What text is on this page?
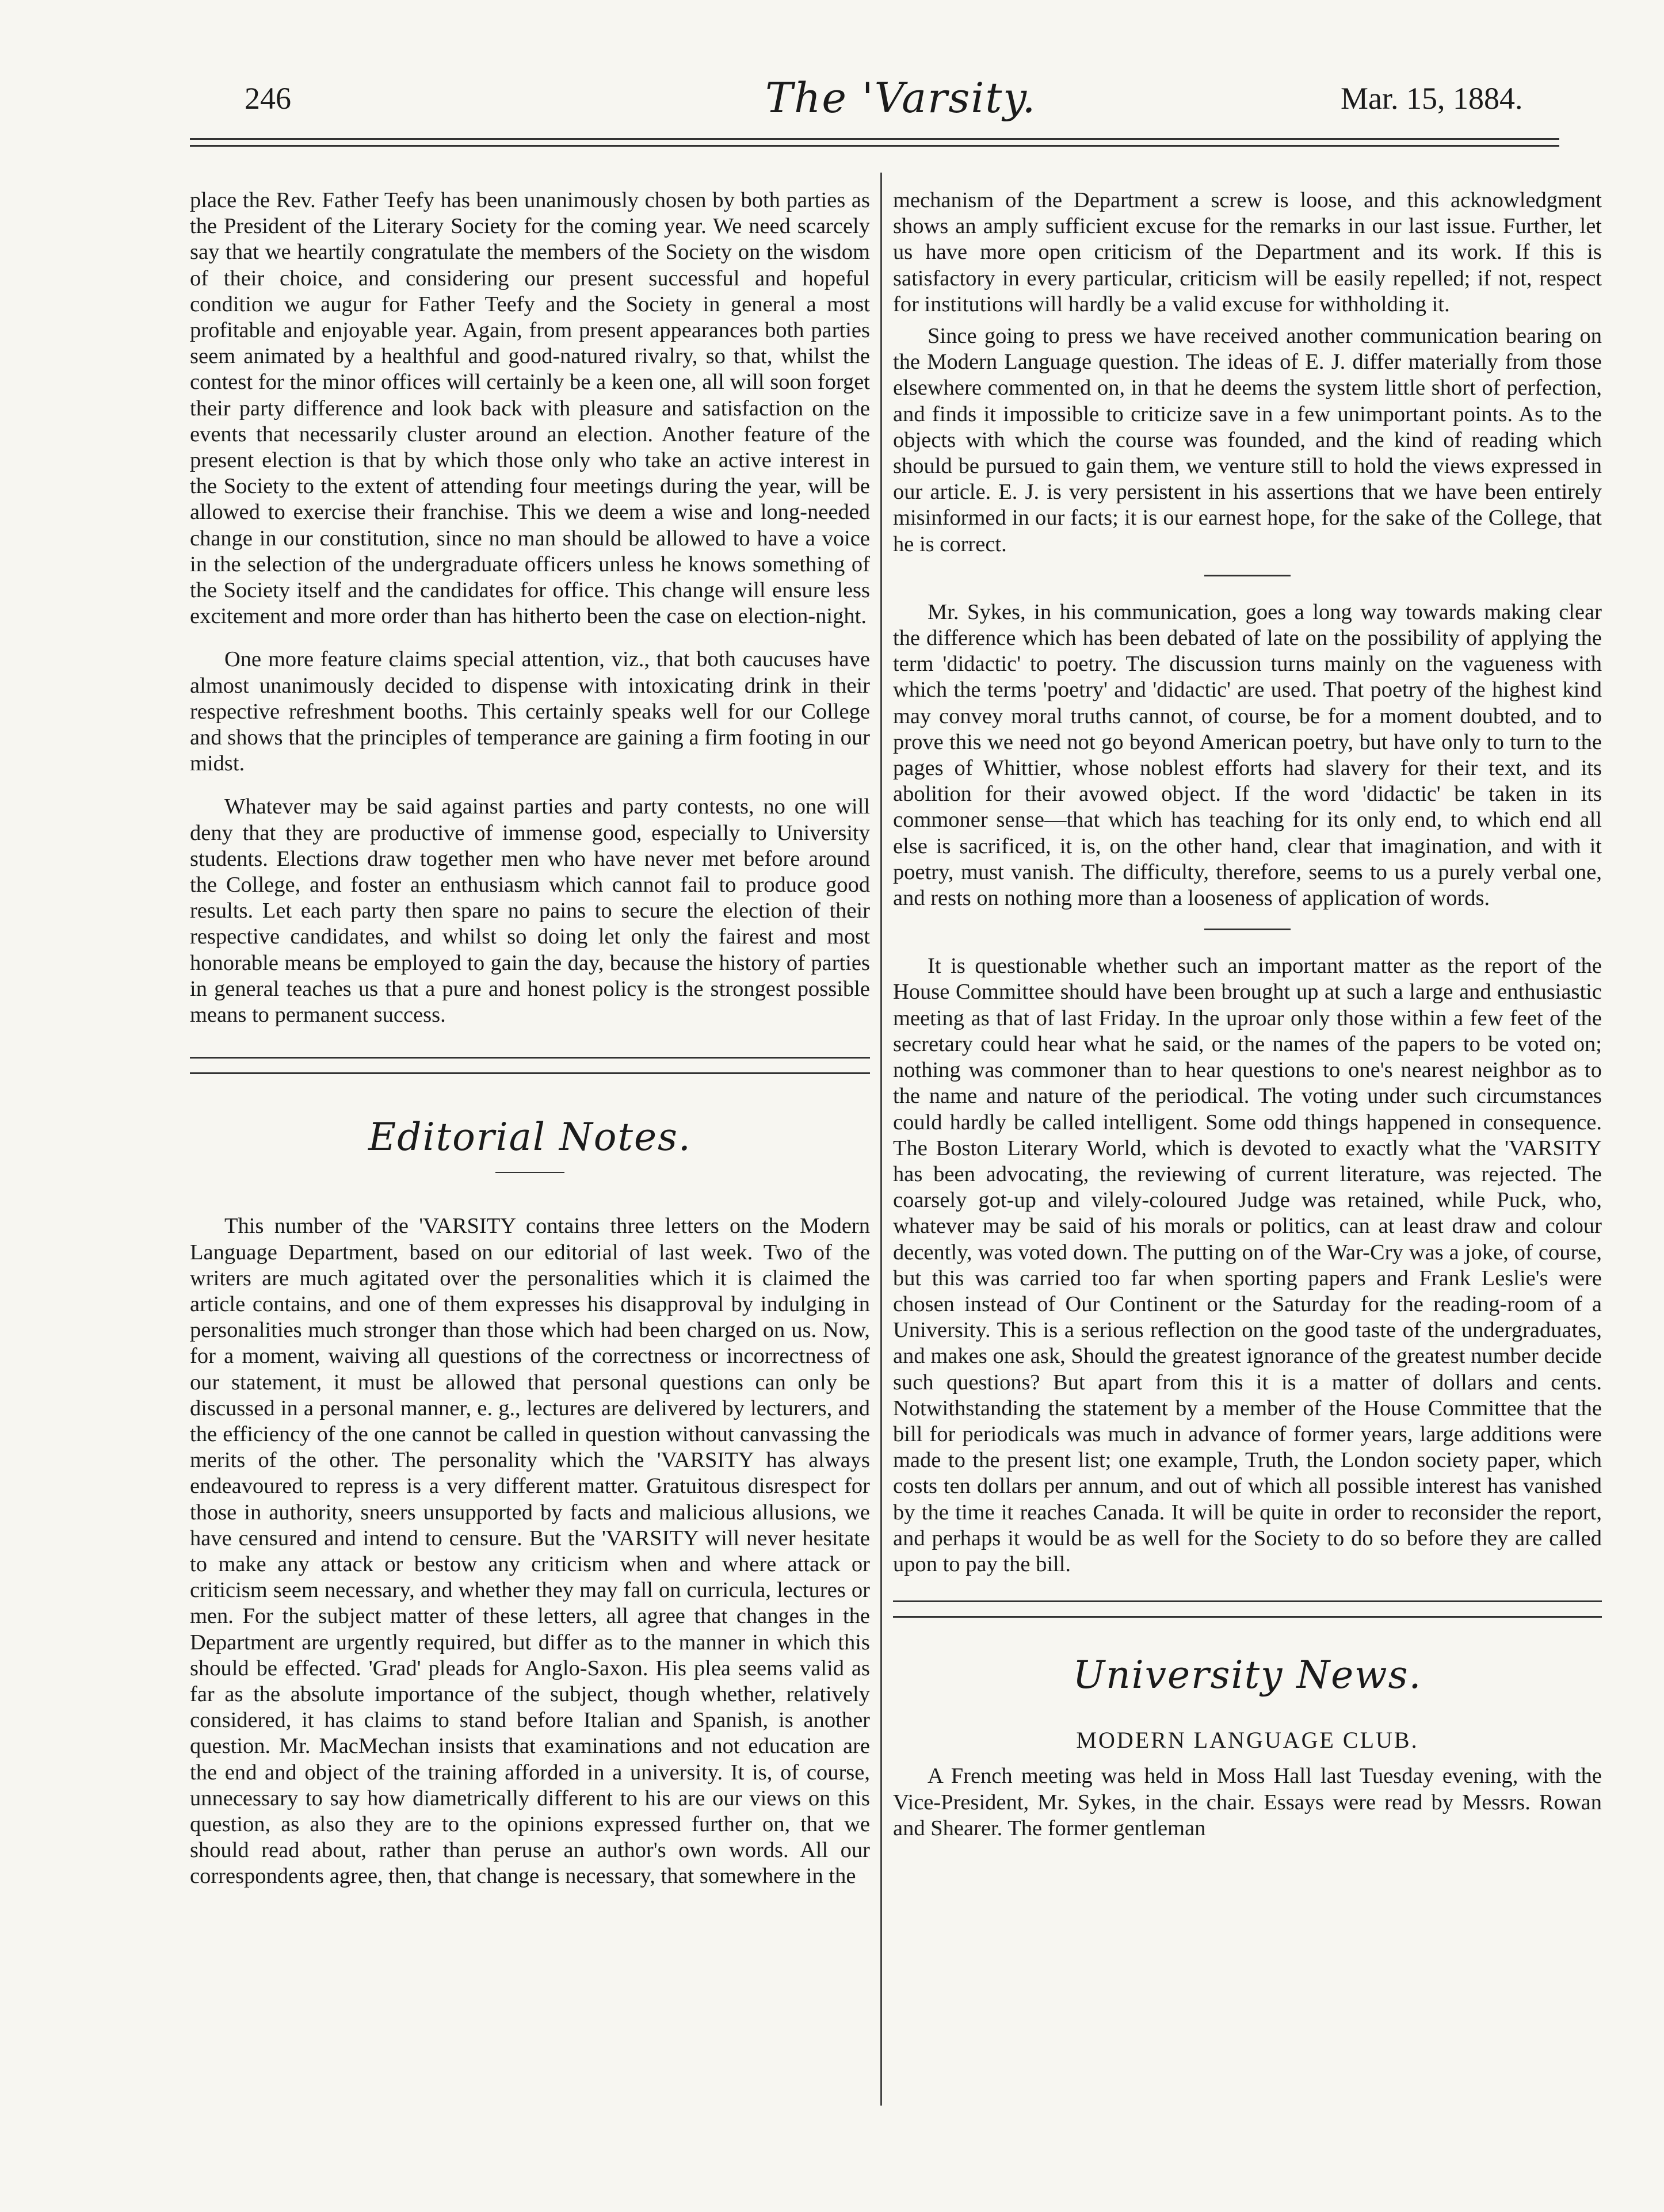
246	The 'Varsity.	Mar. 15, 1884.

place the Rev. Father Teefy has been unanimously chosen by both parties as the President of the Literary Society for the coming year. We need scarcely say that we heartily congratulate the members of the Society on the wisdom of their choice, and considering our present successful and hopeful condition we augur for Father Teefy and the Society in general a most profitable and enjoyable year. Again, from present appearances both parties seem animated by a healthful and good-natured rivalry, so that, whilst the contest for the minor offices will certainly be a keen one, all will soon forget their party difference and look back with pleasure and satisfaction on the events that necessarily cluster around an election. Another feature of the present election is that by which those only who take an active interest in the Society to the extent of attending four meetings during the year, will be allowed to exercise their franchise. This we deem a wise and long-needed change in our constitution, since no man should be allowed to have a voice in the selection of the undergraduate officers unless he knows something of the Society itself and the candidates for office. This change will ensure less excitement and more order than has hitherto been the case on election-night.

One more feature claims special attention, viz., that both caucuses have almost unanimously decided to dispense with intoxicating drink in their respective refreshment booths. This certainly speaks well for our College and shows that the principles of temperance are gaining a firm footing in our midst.

Whatever may be said against parties and party contests, no one will deny that they are productive of immense good, especially to University students. Elections draw together men who have never met before around the College, and foster an enthusiasm which cannot fail to produce good results. Let each party then spare no pains to secure the election of their respective candidates, and whilst so doing let only the fairest and most honorable means be employed to gain the day, because the history of parties in general teaches us that a pure and honest policy is the strongest possible means to permanent success.

Editorial Notes.

This number of the 'VARSITY contains three letters on the Modern Language Department, based on our editorial of last week. Two of the writers are much agitated over the personalities which it is claimed the article contains, and one of them expresses his disapproval by indulging in personalities much stronger than those which had been charged on us. Now, for a moment, waiving all questions of the correctness or incorrectness of our statement, it must be allowed that personal questions can only be discussed in a personal manner, e. g., lectures are delivered by lecturers, and the efficiency of the one cannot be called in question without canvassing the merits of the other. The personality which the 'VARSITY has always endeavoured to repress is a very different matter. Gratuitous disrespect for those in authority, sneers unsupported by facts and malicious allusions, we have censured and intend to censure. But the 'VARSITY will never hesitate to make any attack or bestow any criticism when and where attack or criticism seem necessary, and whether they may fall on curricula, lectures or men. For the subject matter of these letters, all agree that changes in the Department are urgently required, but differ as to the manner in which this should be effected. 'Grad' pleads for Anglo-Saxon. His plea seems valid as far as the absolute importance of the subject, though whether, relatively considered, it has claims to stand before Italian and Spanish, is another question. Mr. MacMechan insists that examinations and not education are the end and object of the training afforded in a university. It is, of course, unnecessary to say how diametrically different to his are our views on this question, as also they are to the opinions expressed further on, that we should read about, rather than peruse an author's own words. All our correspondents agree, then, that change is necessary, that somewhere in the

mechanism of the Department a screw is loose, and this acknowledgment shows an amply sufficient excuse for the remarks in our last issue. Further, let us have more open criticism of the Department and its work. If this is satisfactory in every particular, criticism will be easily repelled; if not, respect for institutions will hardly be a valid excuse for withholding it.

Since going to press we have received another communication bearing on the Modern Language question. The ideas of E. J. differ materially from those elsewhere commented on, in that he deems the system little short of perfection, and finds it impossible to criticize save in a few unimportant points. As to the objects with which the course was founded, and the kind of reading which should be pursued to gain them, we venture still to hold the views expressed in our article. E. J. is very persistent in his assertions that we have been entirely misinformed in our facts; it is our earnest hope, for the sake of the College, that he is correct.

Mr. Sykes, in his communication, goes a long way towards making clear the difference which has been debated of late on the possibility of applying the term 'didactic' to poetry. The discussion turns mainly on the vagueness with which the terms 'poetry' and 'didactic' are used. That poetry of the highest kind may convey moral truths cannot, of course, be for a moment doubted, and to prove this we need not go beyond American poetry, but have only to turn to the pages of Whittier, whose noblest efforts had slavery for their text, and its abolition for their avowed object. If the word 'didactic' be taken in its commoner sense—that which has teaching for its only end, to which end all else is sacrificed, it is, on the other hand, clear that imagination, and with it poetry, must vanish. The difficulty, therefore, seems to us a purely verbal one, and rests on nothing more than a looseness of application of words.

It is questionable whether such an important matter as the report of the House Committee should have been brought up at such a large and enthusiastic meeting as that of last Friday. In the uproar only those within a few feet of the secretary could hear what he said, or the names of the papers to be voted on; nothing was commoner than to hear questions to one's nearest neighbor as to the name and nature of the periodical. The voting under such circumstances could hardly be called intelligent. Some odd things happened in consequence. The Boston Literary World, which is devoted to exactly what the 'VARSITY has been advocating, the reviewing of current literature, was rejected. The coarsely got-up and vilely-coloured Judge was retained, while Puck, who, whatever may be said of his morals or politics, can at least draw and colour decently, was voted down. The putting on of the War-Cry was a joke, of course, but this was carried too far when sporting papers and Frank Leslie's were chosen instead of Our Continent or the Saturday for the reading-room of a University. This is a serious reflection on the good taste of the undergraduates, and makes one ask, Should the greatest ignorance of the greatest number decide such questions? But apart from this it is a matter of dollars and cents. Notwithstanding the statement by a member of the House Committee that the bill for periodicals was much in advance of former years, large additions were made to the present list; one example, Truth, the London society paper, which costs ten dollars per annum, and out of which all possible interest has vanished by the time it reaches Canada. It will be quite in order to reconsider the report, and perhaps it would be as well for the Society to do so before they are called upon to pay the bill.

University News.
MODERN LANGUAGE CLUB.

A French meeting was held in Moss Hall last Tuesday evening, with the Vice-President, Mr. Sykes, in the chair. Essays were read by Messrs. Rowan and Shearer. The former gentleman
